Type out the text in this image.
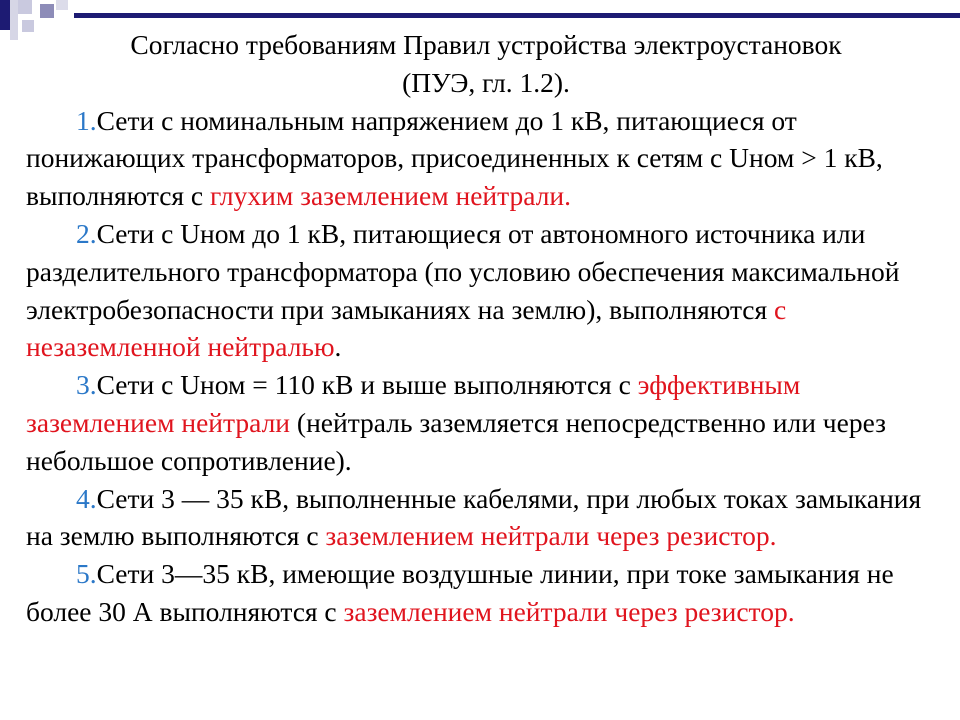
Согласно требованиям Правил устройства электроустановок
(ПУЭ, гл. 1.2).

1.Сети с номинальным напряжением до 1 кВ, питающиеся от понижающих трансформаторов, присоединенных к сетям с Uном > 1 кВ, выполняются с глухим заземлением нейтрали.

2.Сети с Uном до 1 кВ, питающиеся от автономного источника или разделительного трансформатора (по условию обеспечения максимальной электробезопасности при замыканиях на землю), выполняются с незаземленной нейтралью.

3.Сети с Uном = 110 кВ и выше выполняются с эффективным заземлением нейтрали (нейтраль заземляется непосредственно или через небольшое сопротивление).

4.Сети 3 — 35 кВ, выполненные кабелями, при любых токах замыкания на землю выполняются с заземлением нейтрали через резистор.

5.Сети 3—35 кВ, имеющие воздушные линии, при токе замыкания не более 30 А выполняются с заземлением нейтрали через резистор.
